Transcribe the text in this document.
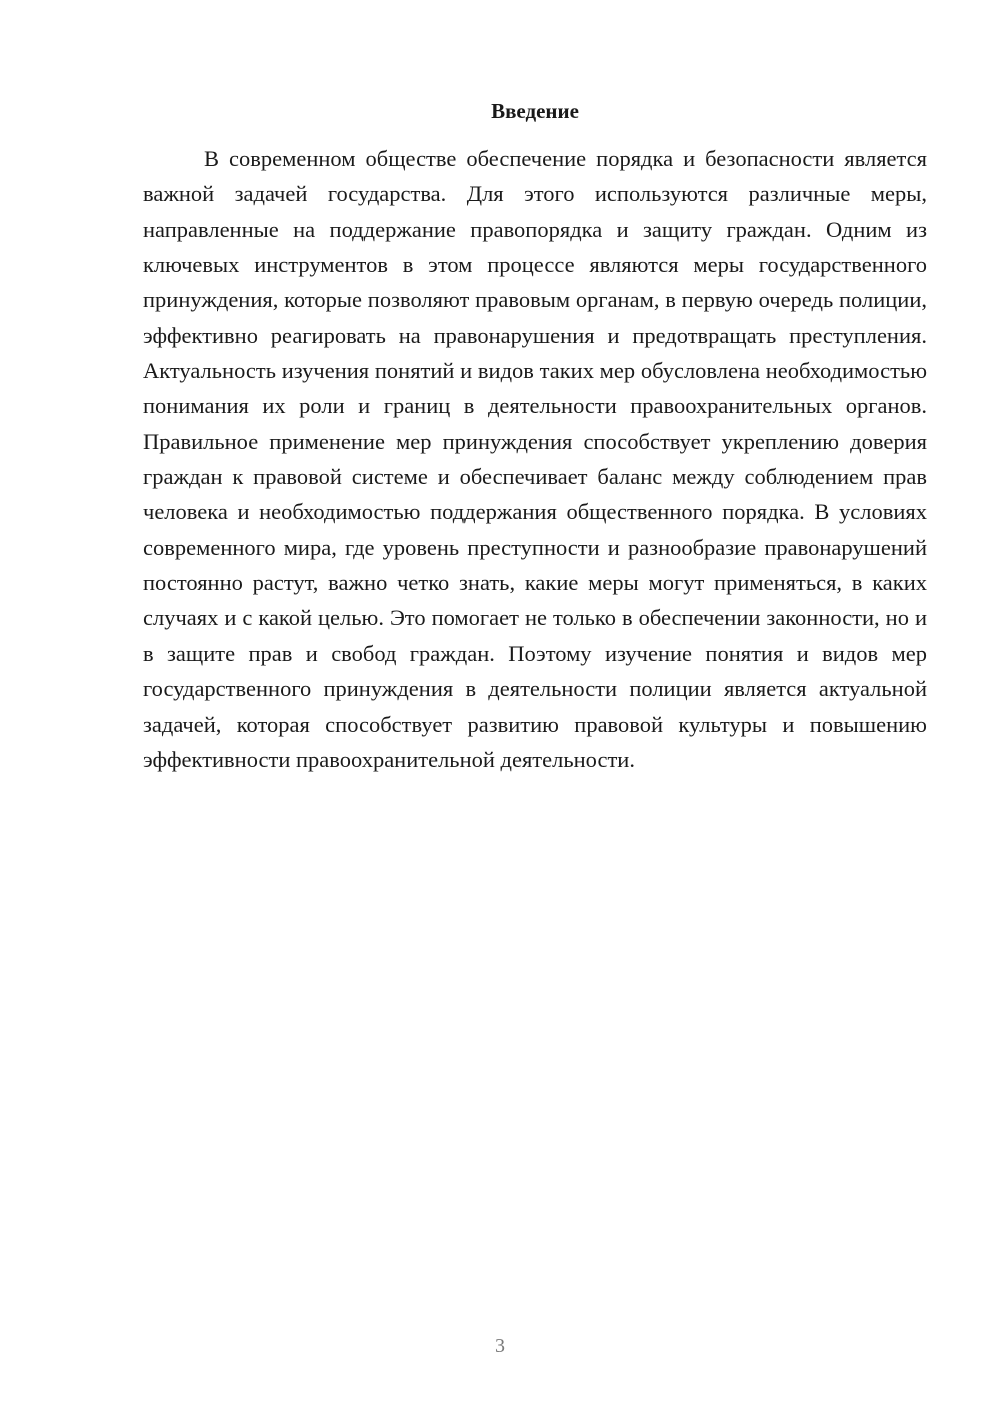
Введение

В современном обществе обеспечение порядка и безопасности является важной задачей государства. Для этого используются различные меры, направленные на поддержание правопорядка и защиту граждан. Одним из ключевых инструментов в этом процессе являются меры государственного принуждения, которые позволяют правовым органам, в первую очередь полиции, эффективно реагировать на правонарушения и предотвращать преступления. Актуальность изучения понятий и видов таких мер обусловлена необходимостью понимания их роли и границ в деятельности правоохранительных органов. Правильное применение мер принуждения способствует укреплению доверия граждан к правовой системе и обеспечивает баланс между соблюдением прав человека и необходимостью поддержания общественного порядка. В условиях современного мира, где уровень преступности и разнообразие правонарушений постоянно растут, важно четко знать, какие меры могут применяться, в каких случаях и с какой целью. Это помогает не только в обеспечении законности, но и в защите прав и свобод граждан. Поэтому изучение понятия и видов мер государственного принуждения в деятельности полиции является актуальной задачей, которая способствует развитию правовой культуры и повышению эффективности правоохранительной деятельности.

3
